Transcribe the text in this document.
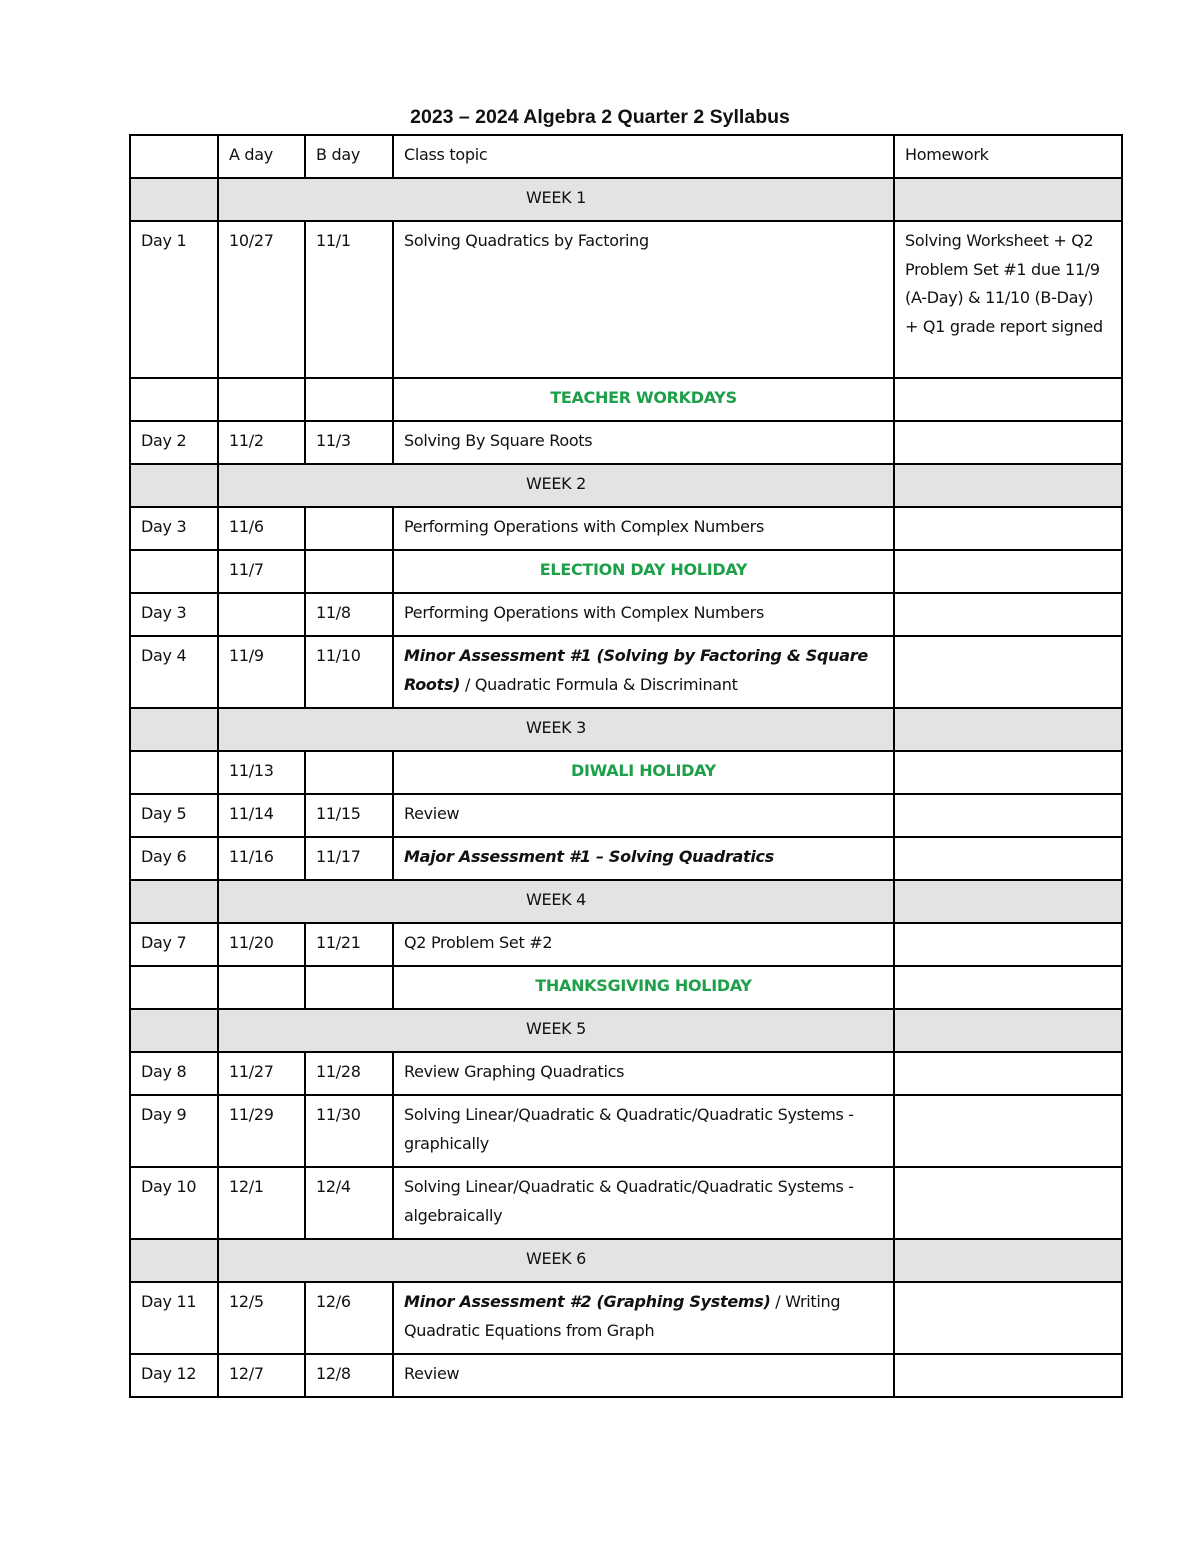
2023 – 2024 Algebra 2 Quarter 2 Syllabus
	A day	B day	Class topic	Homework
	WEEK 1			
Day 1	10/27	11/1	Solving Quadratics by Factoring	Solving Worksheet + Q2 Problem Set #1 due 11/9 (A-Day) & 11/10 (B-Day) + Q1 grade report signed
			TEACHER WORKDAYS	
Day 2	11/2	11/3	Solving By Square Roots	
	WEEK 2			
Day 3	11/6		Performing Operations with Complex Numbers	
	11/7		ELECTION DAY HOLIDAY	
Day 3		11/8	Performing Operations with Complex Numbers	
Day 4	11/9	11/10	Minor Assessment #1 (Solving by Factoring & Square Roots) / Quadratic Formula & Discriminant	
	WEEK 3			
	11/13		DIWALI HOLIDAY	
Day 5	11/14	11/15	Review	
Day 6	11/16	11/17	Major Assessment #1 – Solving Quadratics	
	WEEK 4			
Day 7	11/20	11/21	Q2 Problem Set #2	
			THANKSGIVING HOLIDAY	
	WEEK 5			
Day 8	11/27	11/28	Review Graphing Quadratics	
Day 9	11/29	11/30	Solving Linear/Quadratic & Quadratic/Quadratic Systems - graphically	
Day 10	12/1	12/4	Solving Linear/Quadratic & Quadratic/Quadratic Systems - algebraically	
	WEEK 6			
Day 11	12/5	12/6	Minor Assessment #2 (Graphing Systems) / Writing Quadratic Equations from Graph	
Day 12	12/7	12/8	Review	
